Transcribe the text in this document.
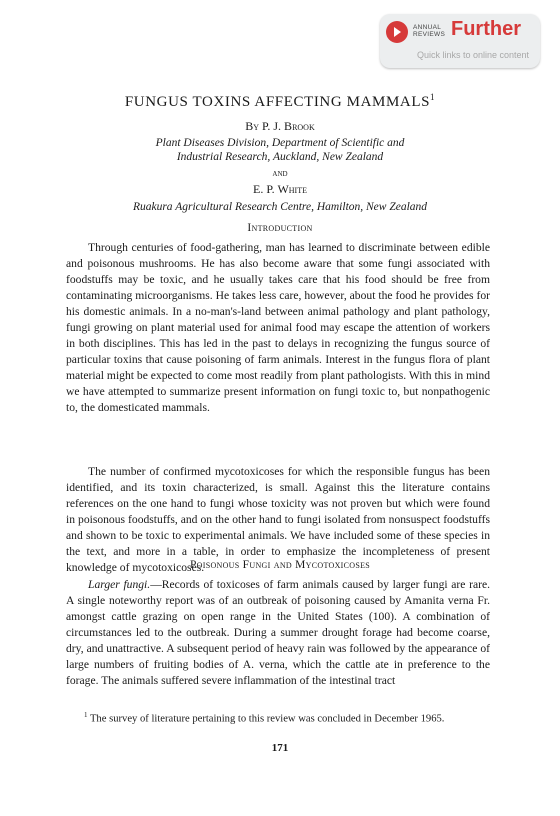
ANNUAL
REVIEWS Further
Quick links to online content
FUNGUS TOXINS AFFECTING MAMMALS$^1$
By P. J. Brook
Plant Diseases Division, Department of Scientific and
Industrial Research, Auckland, New Zealand
and
E. P. White
Ruakura Agricultural Research Centre, Hamilton, New Zealand
Introduction

Through centuries of food-gathering, man has learned to discriminate between edible and poisonous mushrooms. He has also become aware that some fungi associated with foodstuffs may be toxic, and he usually takes care that his food should be free from contaminating microorganisms. He takes less care, however, about the food he provides for his domestic animals. In a no-man's-land between animal pathology and plant pathology, fungi growing on plant material used for animal food may escape the attention of workers in both disciplines. This has led in the past to delays in recognizing the fungus source of particular toxins that cause poisoning of farm animals. Interest in the fungus flora of plant material might be expected to come most readily from plant pathologists. With this in mind we have attempted to summarize present information on fungi toxic to, but nonpathogenic to, the domesticated mammals.

The number of confirmed mycotoxicoses for which the responsible fungus has been identified, and its toxin characterized, is small. Against this the literature contains references on the one hand to fungi whose toxicity was not proven but which were found in poisonous foodstuffs, and on the other hand to fungi isolated from nonsuspect foodstuffs and shown to be toxic to experimental animals. We have included some of these species in the text, and more in a table, in order to emphasize the incompleteness of present knowledge of mycotoxicoses.

Poisonous Fungi and Mycotoxicoses

Larger fungi.—Records of toxicoses of farm animals caused by larger fungi are rare. A single noteworthy report was of an outbreak of poisoning caused by Amanita verna Fr. amongst cattle grazing on open range in the United States (100). A combination of circumstances led to the outbreak. During a summer drought forage had become coarse, dry, and unattractive. A subsequent period of heavy rain was followed by the appearance of large numbers of fruiting bodies of A. verna, which the cattle ate in preference to the forage. The animals suffered severe inflammation of the intestinal tract

$^1$ The survey of literature pertaining to this review was concluded in December 1965.

171
